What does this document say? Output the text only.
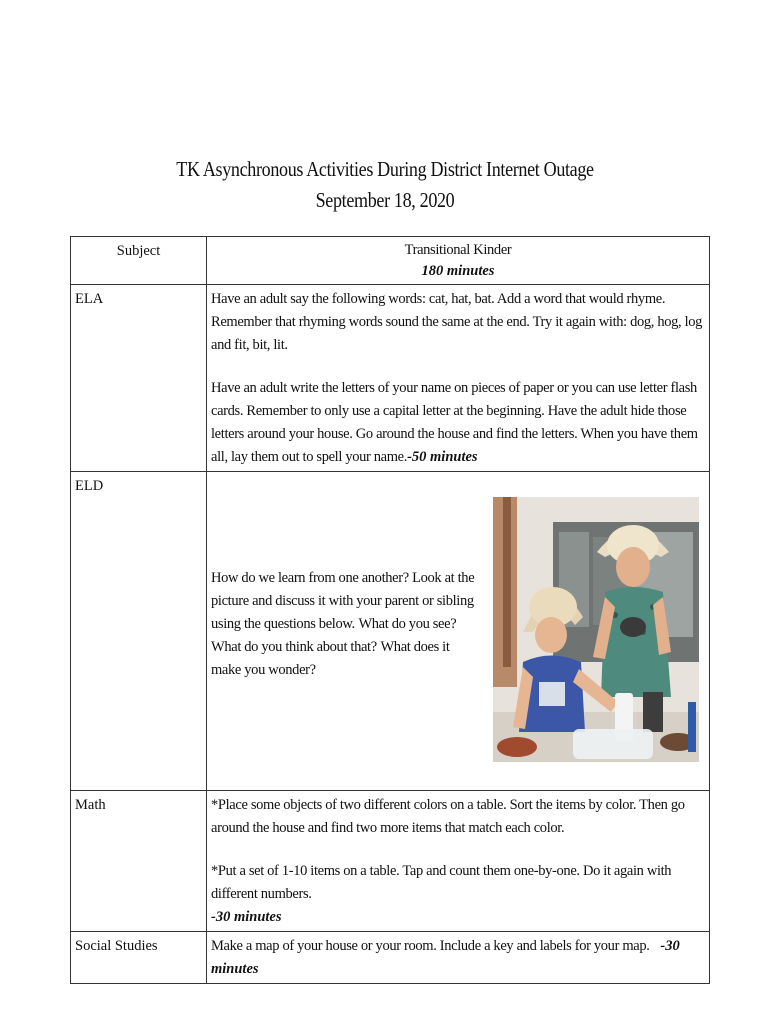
TK Asynchronous Activities During District Internet Outage
September 18, 2020
Subject	Transitional Kinder
180 minutes
ELA	Have an adult say the following words: cat, hat, bat. Add a word that would rhyme. Remember that rhyming words sound the same at the end. Try it again with: dog, hog, log and fit, bit, lit.

Have an adult write the letters of your name on pieces of paper or you can use letter flash cards. Remember to only use a capital letter at the beginning. Have the adult hide those letters around your house. Go around the house and find the letters. When you have them all, lay them out to spell your name.-50 minutes

ELD	How do we learn from one another? Look at the picture and discuss it with your parent or sibling using the questions below.

What do you see?

What do you think about that?

What does it make you wonder?

Math	*Place some objects of two different colors on a table. Sort the items by color. Then go around the house and find two more items that match each color.

*Put a set of 1-10 items on a table. Tap and count them one-by-one. Do it again with different numbers.

-30 minutes

Social Studies	Make a map of your house or your room. Include a key and labels for your map. -30 minutes
